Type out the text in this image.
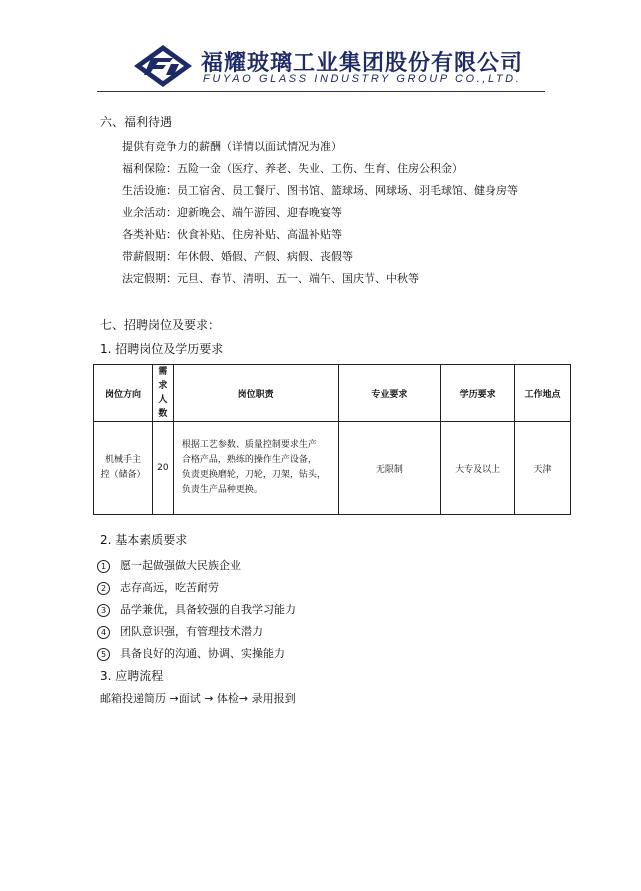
福耀玻璃工业集团股份有限公司
FUYAO GLASS INDUSTRY GROUP CO.,LTD.
六、福利待遇
提供有竞争力的薪酬（详情以面试情况为准）
福利保险：五险一金（医疗、养老、失业、工伤、生育、住房公积金）
生活设施：员工宿舍、员工餐厅、图书馆、篮球场、网球场、羽毛球馆、健身房等
业余活动：迎新晚会、端午游园、迎春晚宴等
各类补贴：伙食补贴、住房补贴、高温补贴等
带薪假期：年休假、婚假、产假、病假、丧假等
法定假期：元旦、春节、清明、五一、端午、国庆节、中秋等
七、招聘岗位及要求：
1. 招聘岗位及学历要求
岗位方向	需
求
人
数	岗位职责	专业要求	学历要求	工作地点
机械手主
控（储备）	20	根据工艺参数、质量控制要求生产
合格产品，熟练的操作生产设备，
负责更换磨轮，刀轮，刀架，钻头，
负责生产品种更换。	无限制	大专及以上	天津
2. 基本素质要求
1 愿一起做强做大民族企业
2 志存高远，吃苦耐劳
3 品学兼优，具备较强的自我学习能力
4 团队意识强，有管理技术潜力
5 具备良好的沟通、协调、实操能力
3. 应聘流程
邮箱投递简历 →面试 → 体检→ 录用报到
